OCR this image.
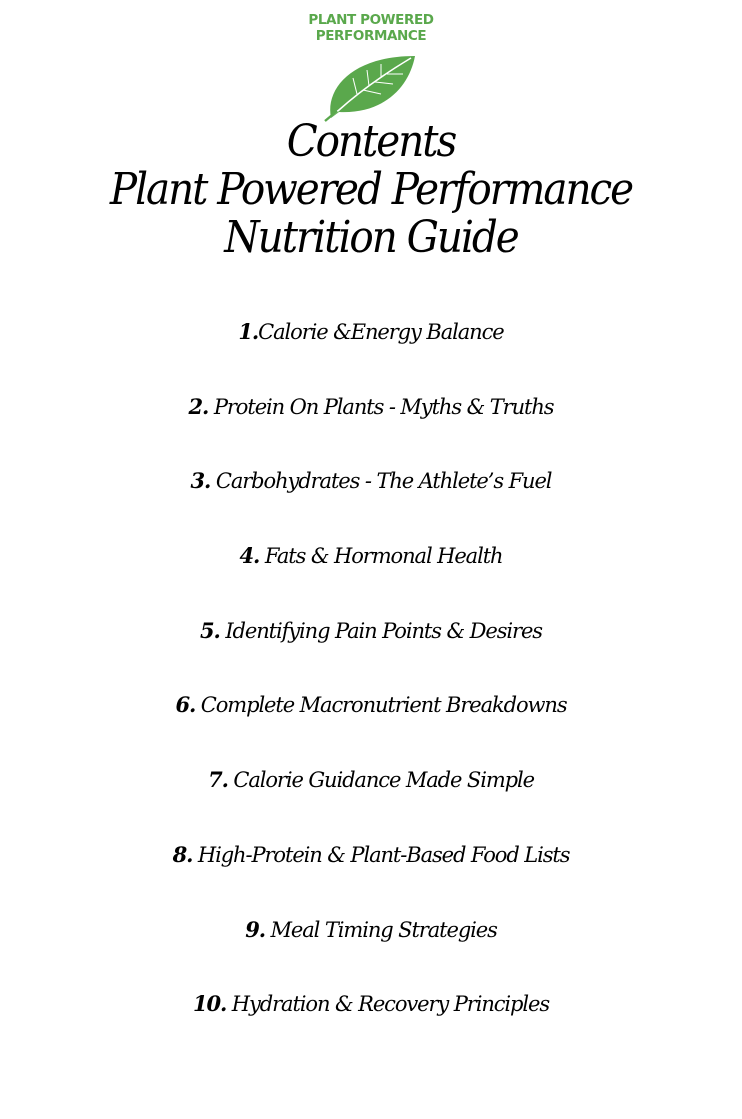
PLANT POWERED
PERFORMANCE
Contents
Plant Powered Performance
Nutrition Guide
1.Calorie &Energy Balance
2. Protein On Plants - Myths & Truths
3. Carbohydrates - The Athlete’s Fuel
4. Fats & Hormonal Health
5. Identifying Pain Points & Desires
6. Complete Macronutrient Breakdowns
7. Calorie Guidance Made Simple
8. High-Protein & Plant-Based Food Lists
9. Meal Timing Strategies
10. Hydration & Recovery Principles
